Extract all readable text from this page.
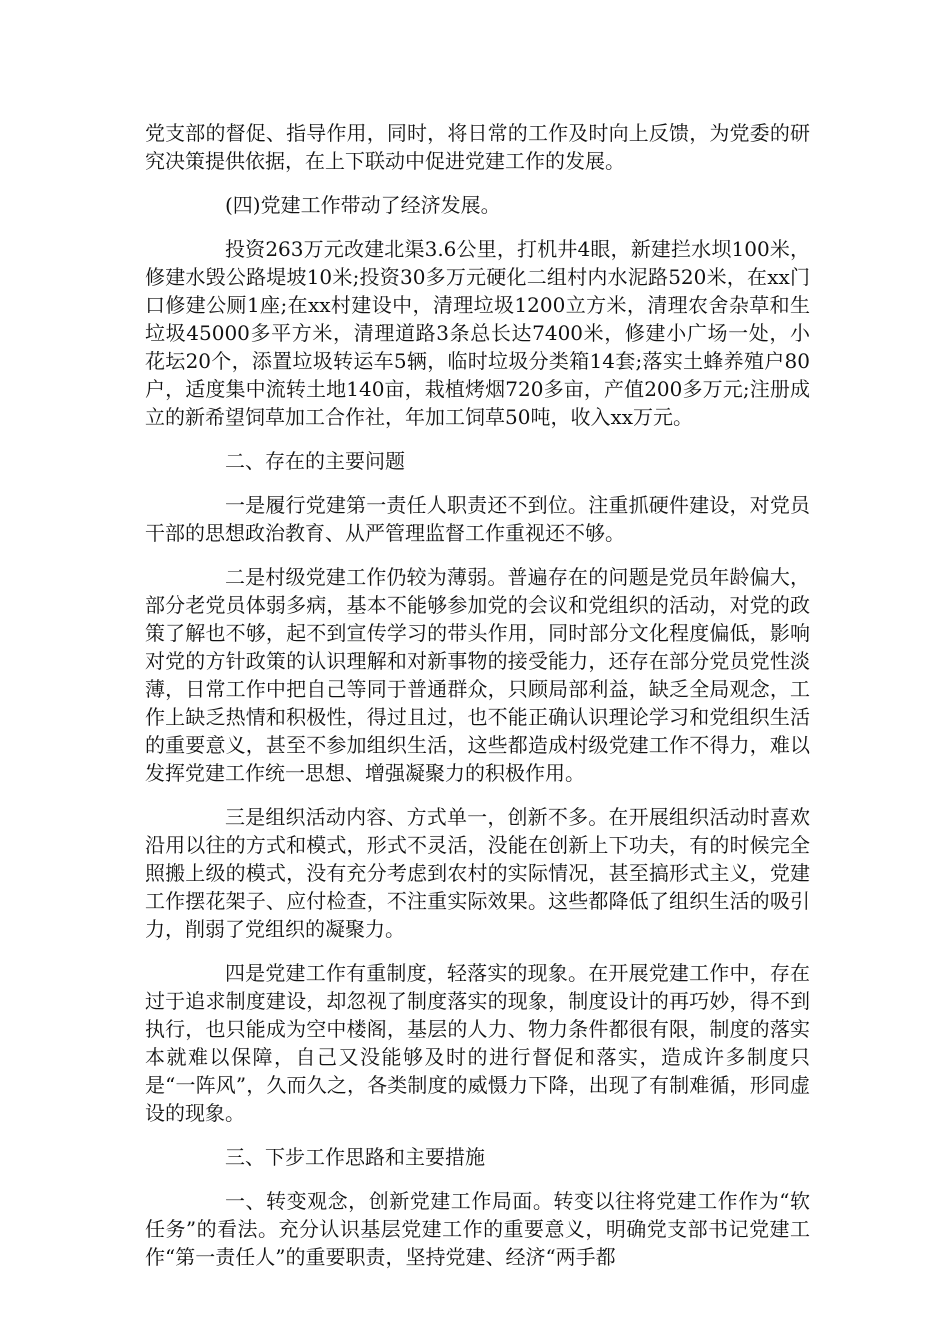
党支部的督促、指导作用，同时，将日常的工作及时向上反馈，为党委的研究决策提供依据，在上下联动中促进党建工作的发展。

(四)党建工作带动了经济发展。

投资263万元改建北渠3.6公里，打机井4眼，新建拦水坝100米，修建水毁公路堤坡10米;投资30多万元硬化二组村内水泥路520米，在xx门口修建公厕1座;在xx村建设中，清理垃圾1200立方米，清理农舍杂草和生垃圾45000多平方米，清理道路3条总长达7400米，修建小广场一处，小花坛20个，添置垃圾转运车5辆，临时垃圾分类箱14套;落实土蜂养殖户80户，适度集中流转土地140亩，栽植烤烟720多亩，产值200多万元;注册成立的新希望饲草加工合作社，年加工饲草50吨，收入xx万元。

二、存在的主要问题

一是履行党建第一责任人职责还不到位。注重抓硬件建设，对党员干部的思想政治教育、从严管理监督工作重视还不够。

二是村级党建工作仍较为薄弱。普遍存在的问题是党员年龄偏大，部分老党员体弱多病，基本不能够参加党的会议和党组织的活动，对党的政策了解也不够，起不到宣传学习的带头作用，同时部分文化程度偏低，影响对党的方针政策的认识理解和对新事物的接受能力，还存在部分党员党性淡薄，日常工作中把自己等同于普通群众，只顾局部利益，缺乏全局观念，工作上缺乏热情和积极性，得过且过，也不能正确认识理论学习和党组织生活的重要意义，甚至不参加组织生活，这些都造成村级党建工作不得力，难以发挥党建工作统一思想、增强凝聚力的积极作用。

三是组织活动内容、方式单一，创新不多。在开展组织活动时喜欢沿用以往的方式和模式，形式不灵活，没能在创新上下功夫，有的时候完全照搬上级的模式，没有充分考虑到农村的实际情况，甚至搞形式主义，党建工作摆花架子、应付检查，不注重实际效果。这些都降低了组织生活的吸引力，削弱了党组织的凝聚力。

四是党建工作有重制度，轻落实的现象。在开展党建工作中，存在过于追求制度建设，却忽视了制度落实的现象，制度设计的再巧妙，得不到执行，也只能成为空中楼阁，基层的人力、物力条件都很有限，制度的落实本就难以保障，自己又没能够及时的进行督促和落实，造成许多制度只是“一阵风”，久而久之，各类制度的威慑力下降，出现了有制难循，形同虚设的现象。

三、下步工作思路和主要措施

一、转变观念，创新党建工作局面。转变以往将党建工作作为“软任务”的看法。充分认识基层党建工作的重要意义，明确党支部书记党建工作“第一责任人”的重要职责，坚持党建、经济“两手都
